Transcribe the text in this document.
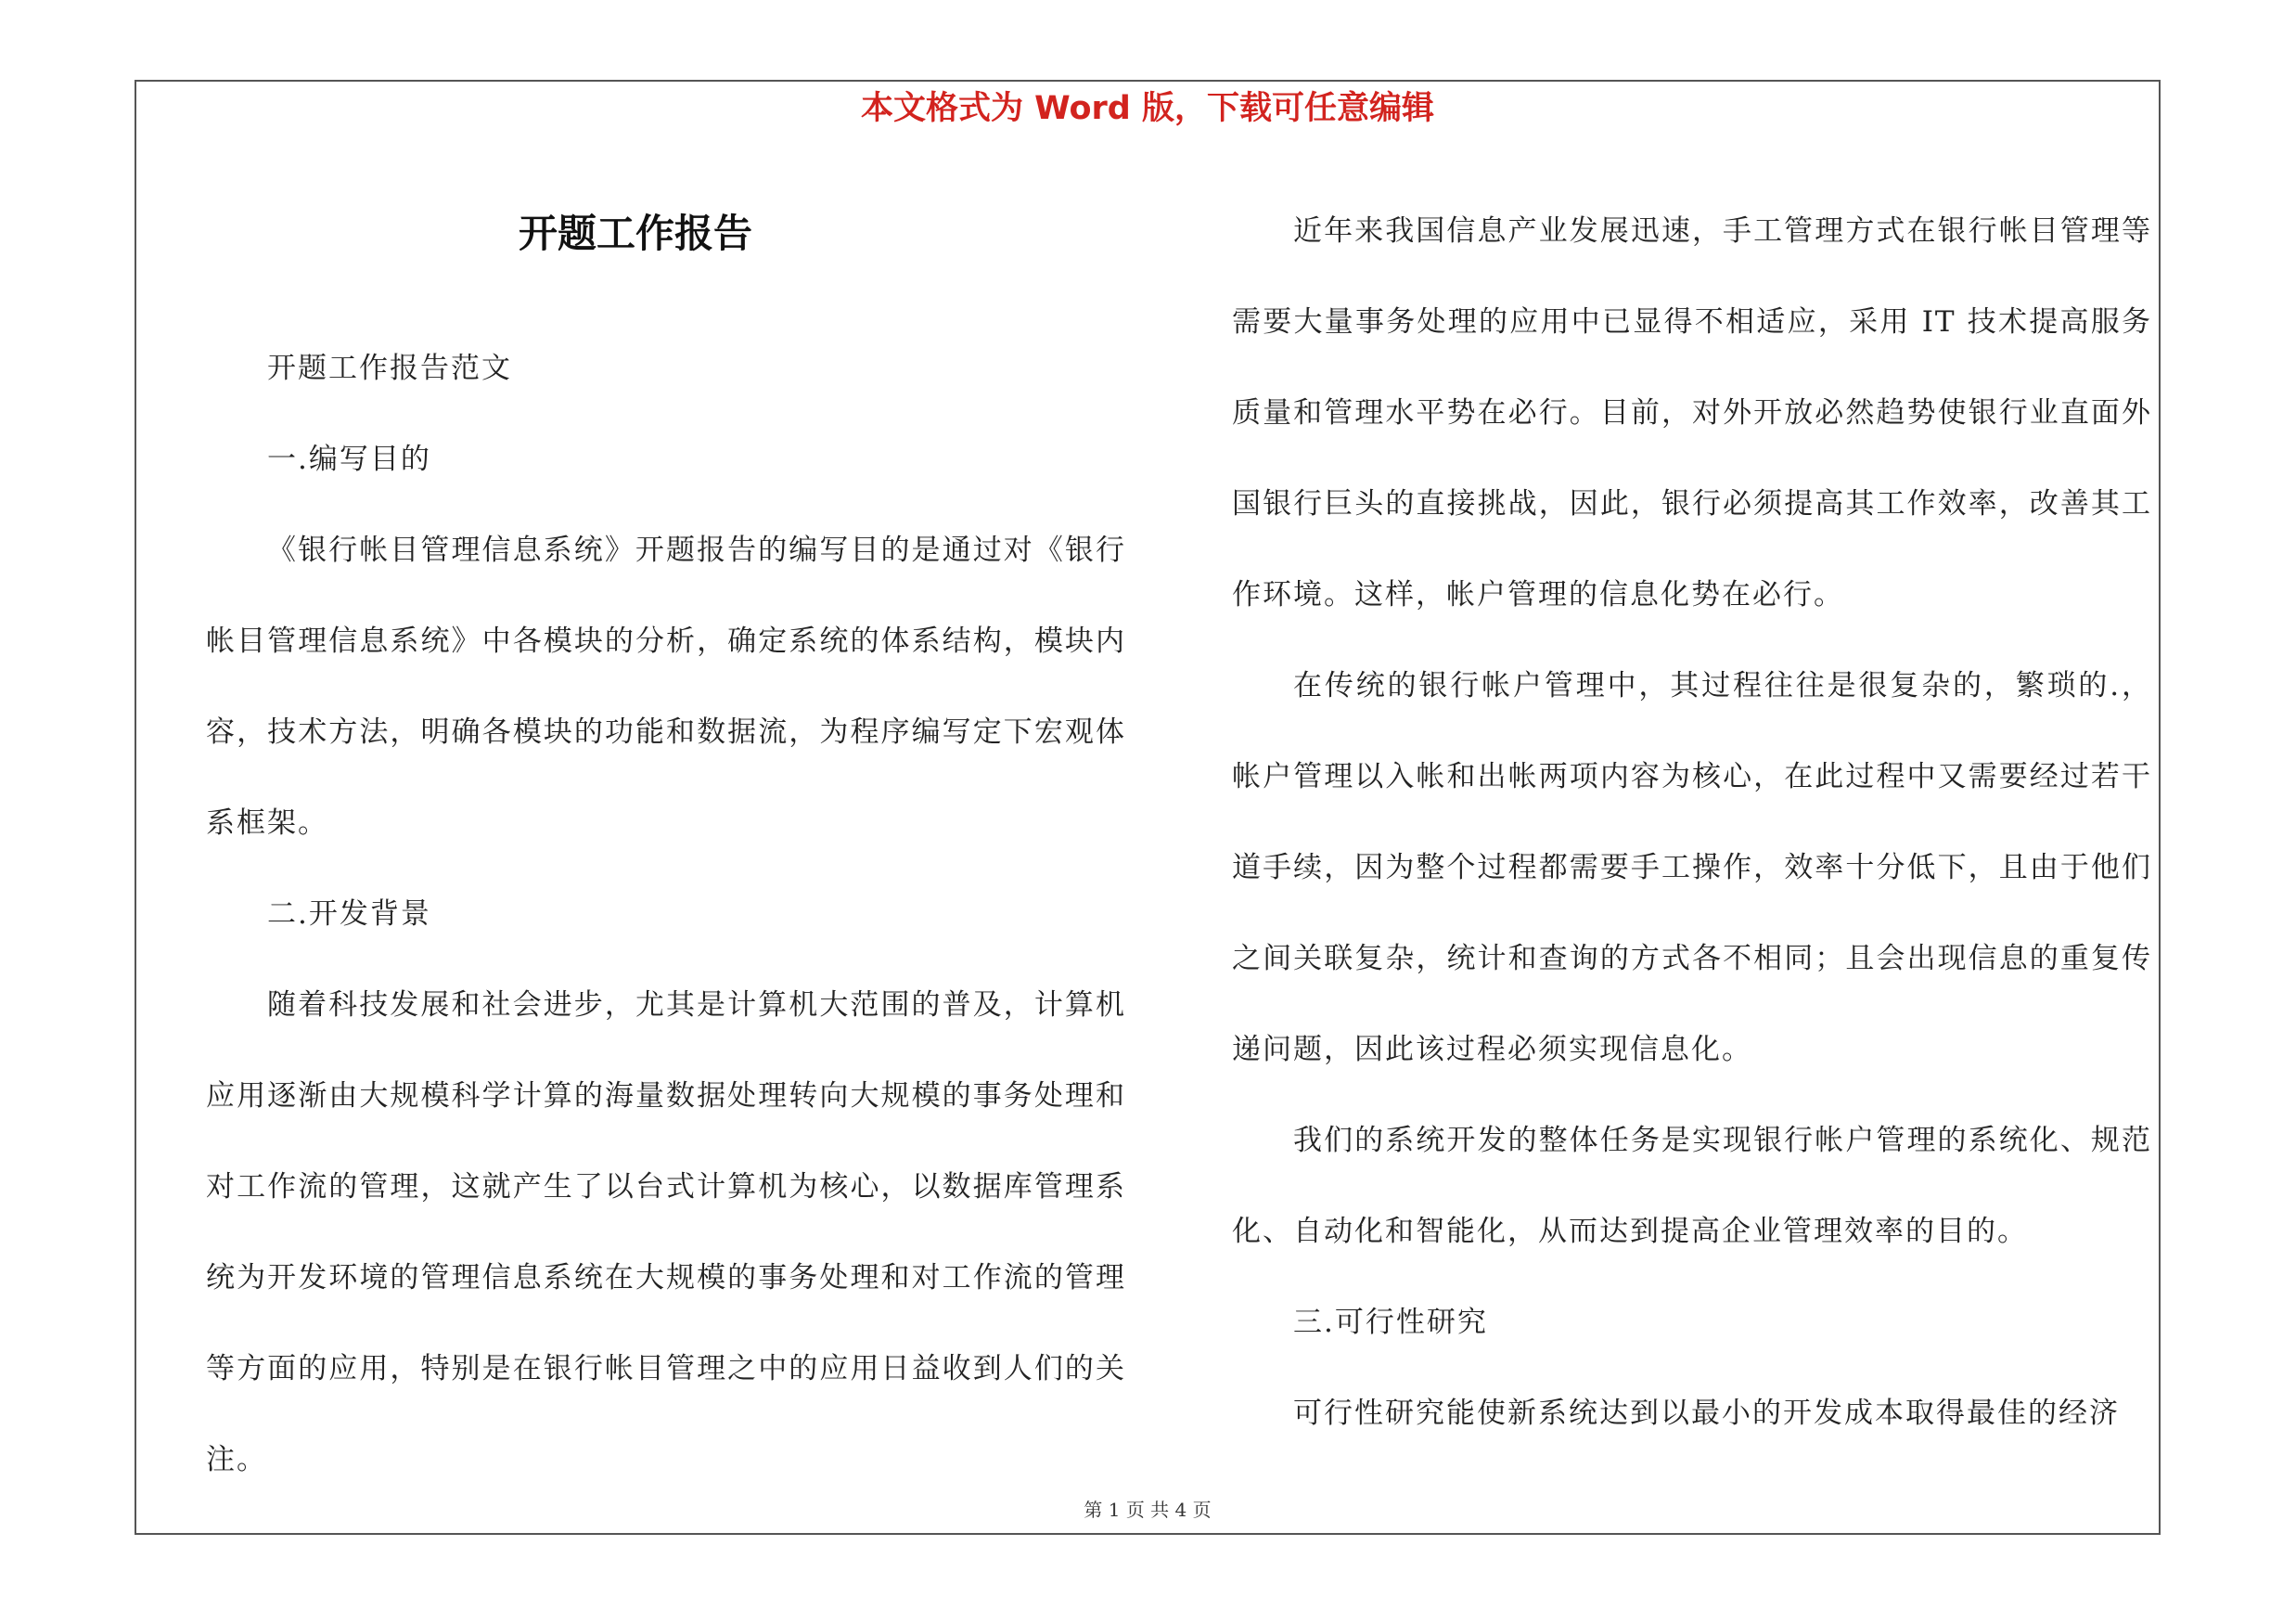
本文格式为 Word 版，下载可任意编辑
开题工作报告

开题工作报告范文

一.编写目的

《银行帐目管理信息系统》开题报告的编写目的是通过对《银行帐目管理信息系统》中各模块的分析，确定系统的体系结构，模块内容，技术方法，明确各模块的功能和数据流，为程序编写定下宏观体系框架。

二.开发背景

随着科技发展和社会进步，尤其是计算机大范围的普及，计算机应用逐渐由大规模科学计算的海量数据处理转向大规模的事务处理和对工作流的管理，这就产生了以台式计算机为核心，以数据库管理系统为开发环境的管理信息系统在大规模的事务处理和对工作流的管理等方面的应用，特别是在银行帐目管理之中的应用日益收到人们的关注。

近年来我国信息产业发展迅速，手工管理方式在银行帐目管理等需要大量事务处理的应用中已显得不相适应，采用 IT 技术提高服务质量和管理水平势在必行。目前，对外开放必然趋势使银行业直面外国银行巨头的直接挑战，因此，银行必须提高其工作效率，改善其工作环境。这样，帐户管理的信息化势在必行。

在传统的银行帐户管理中，其过程往往是很复杂的，繁琐的.，帐户管理以入帐和出帐两项内容为核心，在此过程中又需要经过若干道手续，因为整个过程都需要手工操作，效率十分低下，且由于他们之间关联复杂，统计和查询的方式各不相同；且会出现信息的重复传递问题，因此该过程必须实现信息化。

我们的系统开发的整体任务是实现银行帐户管理的系统化、规范化、自动化和智能化，从而达到提高企业管理效率的目的。

三.可行性研究

可行性研究能使新系统达到以最小的开发成本取得最佳的经济

第 1 页 共 4 页
